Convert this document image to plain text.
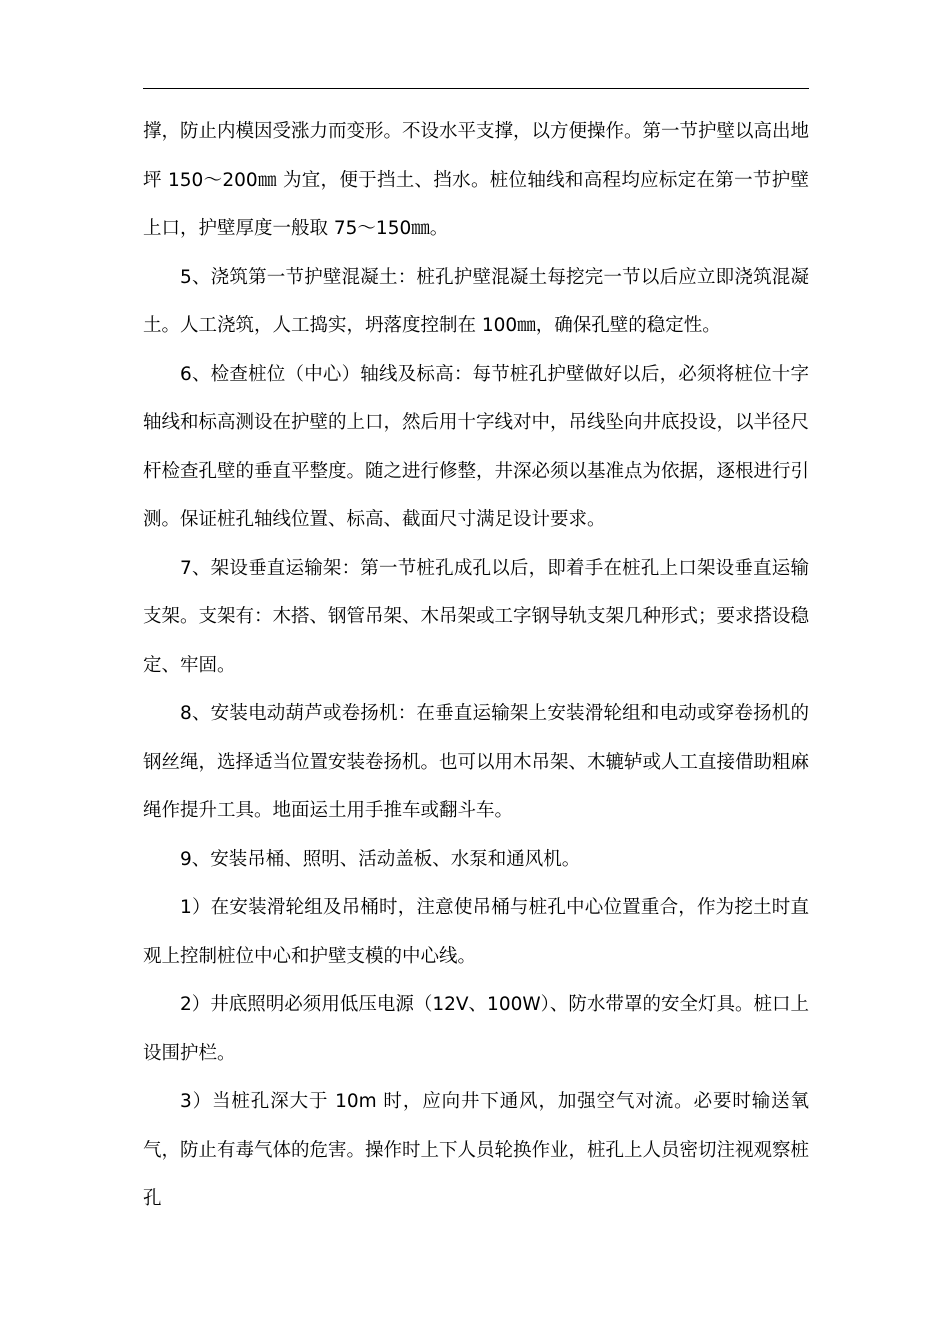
撑，防止内模因受涨力而变形。不设水平支撑，以方便操作。第一节护壁以高出地坪 150～200㎜ 为宜，便于挡土、挡水。桩位轴线和高程均应标定在第一节护壁上口，护壁厚度一般取 75～150㎜。

5、浇筑第一节护壁混凝土：桩孔护壁混凝土每挖完一节以后应立即浇筑混凝土。人工浇筑，人工捣实，坍落度控制在 100㎜，确保孔壁的稳定性。

6、检查桩位（中心）轴线及标高：每节桩孔护壁做好以后，必须将桩位十字轴线和标高测设在护壁的上口，然后用十字线对中，吊线坠向井底投设，以半径尺杆检查孔壁的垂直平整度。随之进行修整，井深必须以基准点为依据，逐根进行引测。保证桩孔轴线位置、标高、截面尺寸满足设计要求。

7、架设垂直运输架：第一节桩孔成孔以后，即着手在桩孔上口架设垂直运输支架。支架有：木搭、钢管吊架、木吊架或工字钢导轨支架几种形式；要求搭设稳定、牢固。

8、安装电动葫芦或卷扬机：在垂直运输架上安装滑轮组和电动或穿卷扬机的钢丝绳，选择适当位置安装卷扬机。也可以用木吊架、木辘轳或人工直接借助粗麻绳作提升工具。地面运土用手推车或翻斗车。

9、安装吊桶、照明、活动盖板、水泵和通风机。

1）在安装滑轮组及吊桶时，注意使吊桶与桩孔中心位置重合，作为挖土时直观上控制桩位中心和护壁支模的中心线。

2）井底照明必须用低压电源（12V、100W）、防水带罩的安全灯具。桩口上设围护栏。

3）当桩孔深大于 10m 时，应向井下通风，加强空气对流。必要时输送氧气，防止有毒气体的危害。操作时上下人员轮换作业，桩孔上人员密切注视观察桩孔
